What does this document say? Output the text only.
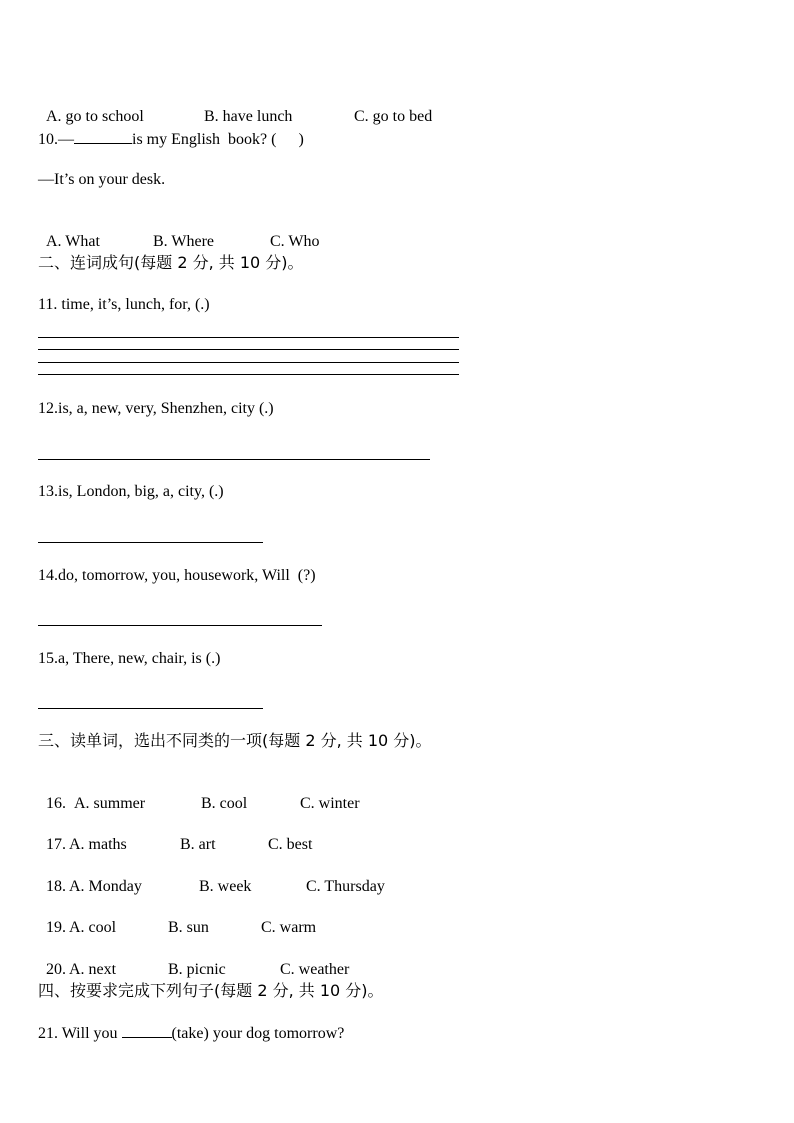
A. go to school	B. have lunch	C. go to bed

10.—	is my English  book? ( )
—It’s on your desk.

A. What	B. Where	C. Who

二、连词成句(每题 2 分, 共 10 分)。
11. time, it’s, lunch, for, (.)
12.is, a, new, very, Shenzhen, city (.)
13.is, London, big, a, city, (.)
14.do, tomorrow, you, housework, Will  (?)
15.a, There, new, chair, is (.)
三、读单词，选出不同类的一项(每题 2 分, 共 10 分)。

16. A. summer	B. cool	C. winter

17. A. maths	B. art	C. best

18. A. Monday	B. week	C. Thursday

19. A. cool	B. sun	C. warm

20. A. next	B. picnic	C. weather

四、按要求完成下列句子(每题 2 分, 共 10 分)。
21. Will you	(take) your dog tomorrow?
